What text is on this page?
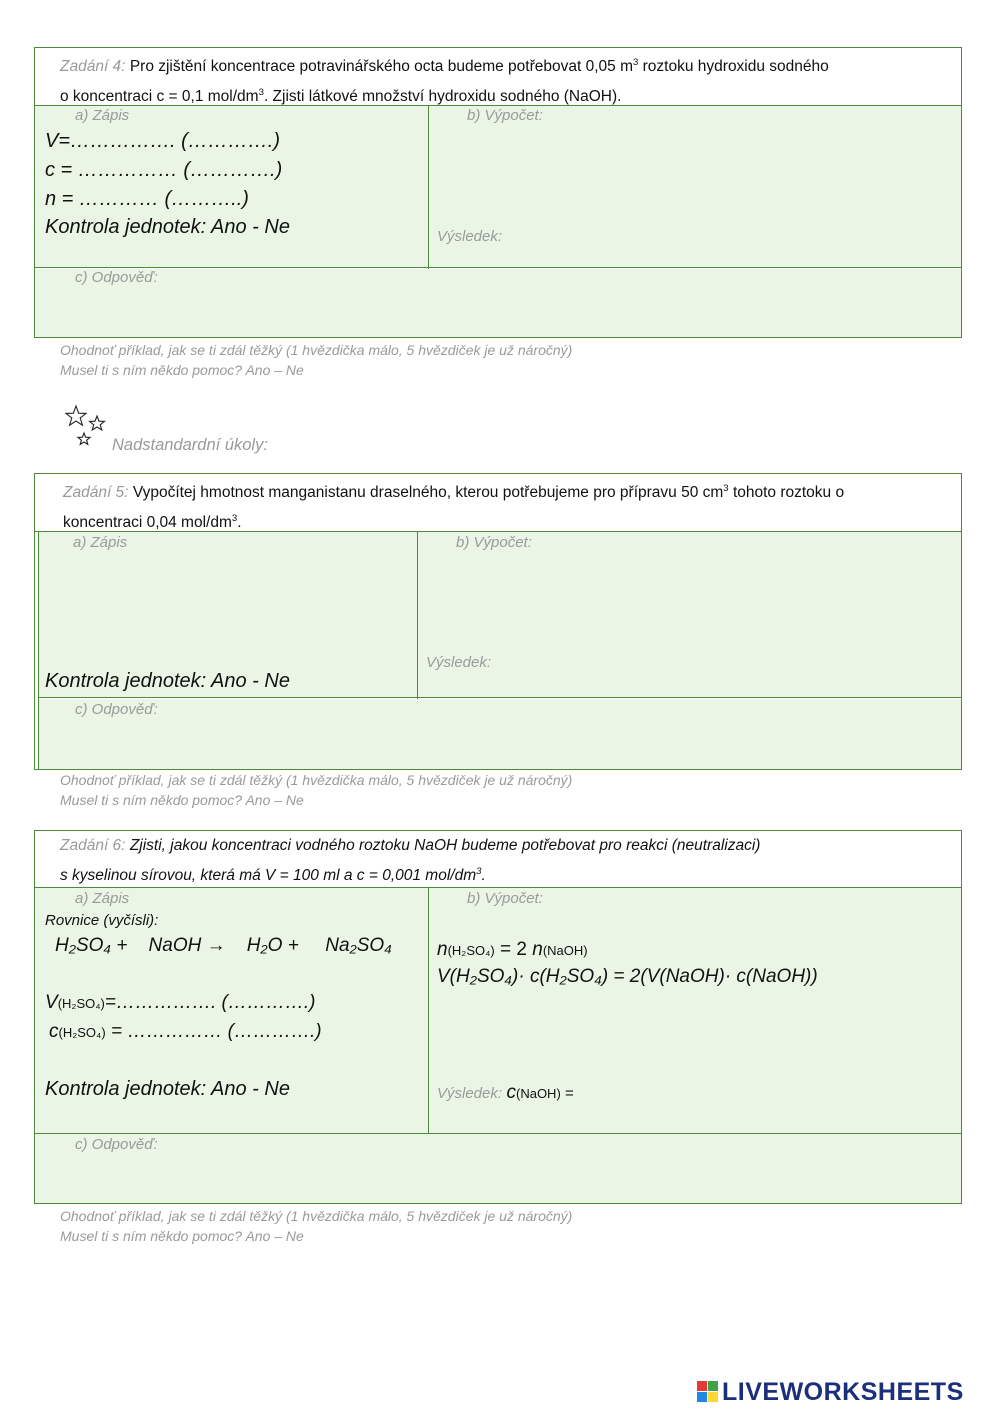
Zadání 4: Pro zjištění koncentrace potravinářského octa budeme potřebovat 0,05 $m^3$ roztoku hydroxidu sodného
o koncentraci c = 0,1 mol/$dm^3$. Zjisti látkové množství hydroxidu sodného (NaOH).
a) Zápis
V=……………. (………….)
c = …………… (………….)
n = ………… (………..)
Kontrola jednotek: Ano - Ne
b) Výpočet:
Výsledek:
c) Odpověď:
Ohodnoť příklad, jak se ti zdál těžký (1 hvězdička málo, 5 hvězdiček je už náročný)
Musel ti s ním někdo pomoc? Ano – Ne
Nadstandardní úkoly:
Zadání 5: Vypočítej hmotnost manganistanu draselného, kterou potřebujeme pro přípravu 50 $cm^3$ tohoto roztoku o
koncentraci 0,04 mol/$dm^3$.
a) Zápis
Kontrola jednotek: Ano - Ne
b) Výpočet:
Výsledek:
c) Odpověď:
Ohodnoť příklad, jak se ti zdál těžký (1 hvězdička málo, 5 hvězdiček je už náročný)
Musel ti s ním někdo pomoc? Ano – Ne
Zadání 6: Zjisti, jakou koncentraci vodného roztoku NaOH budeme potřebovat pro reakci (neutralizaci)
s kyselinou sírovou, která má V = 100 ml a c = 0,001 mol/$dm^3$.
a) Zápis
Rovnice (vyčísli):
H₂SO₄ +    NaOH →    H₂O +     Na₂SO₄
V(H₂SO₄)=……………. (………….)
c(H₂SO₄) = …………… (………….)
Kontrola jednotek: Ano - Ne
b) Výpočet:
n(H₂SO₄) = 2 n(NaOH)
V(H₂SO₄)· c(H₂SO₄) = 2(V(NaOH)· c(NaOH))
Výsledek: c(NaOH) =
c) Odpověď:
Ohodnoť příklad, jak se ti zdál těžký (1 hvězdička málo, 5 hvězdiček je už náročný)
Musel ti s ním někdo pomoc? Ano – Ne
LIVEWORKSHEETS
